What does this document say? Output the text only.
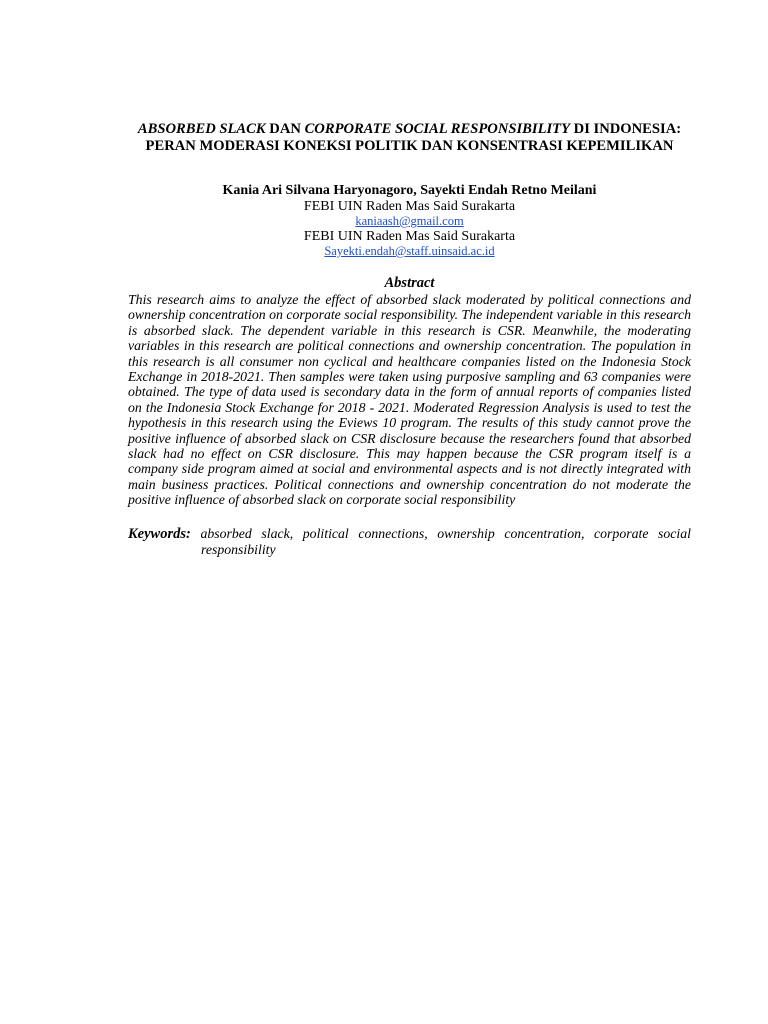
ABSORBED SLACK DAN CORPORATE SOCIAL RESPONSIBILITY DI INDONESIA: PERAN MODERASI KONEKSI POLITIK DAN KONSENTRASI KEPEMILIKAN
Kania Ari Silvana Haryonagoro, Sayekti Endah Retno Meilani
FEBI UIN Raden Mas Said Surakarta
kaniaash@gmail.com
FEBI UIN Raden Mas Said Surakarta
Sayekti.endah@staff.uinsaid.ac.id
Abstract

This research aims to analyze the effect of absorbed slack moderated by political connections and ownership concentration on corporate social responsibility. The independent variable in this research is absorbed slack. The dependent variable in this research is CSR. Meanwhile, the moderating variables in this research are political connections and ownership concentration. The population in this research is all consumer non cyclical and healthcare companies listed on the Indonesia Stock Exchange in 2018-2021. Then samples were taken using purposive sampling and 63 companies were obtained. The type of data used is secondary data in the form of annual reports of companies listed on the Indonesia Stock Exchange for 2018 - 2021. Moderated Regression Analysis is used to test the hypothesis in this research using the Eviews 10 program. The results of this study cannot prove the positive influence of absorbed slack on CSR disclosure because the researchers found that absorbed slack had no effect on CSR disclosure. This may happen because the CSR program itself is a company side program aimed at social and environmental aspects and is not directly integrated with main business practices. Political connections and ownership concentration do not moderate the positive influence of absorbed slack on corporate social responsibility

Keywords: absorbed slack, political connections, ownership concentration, corporate social responsibility
